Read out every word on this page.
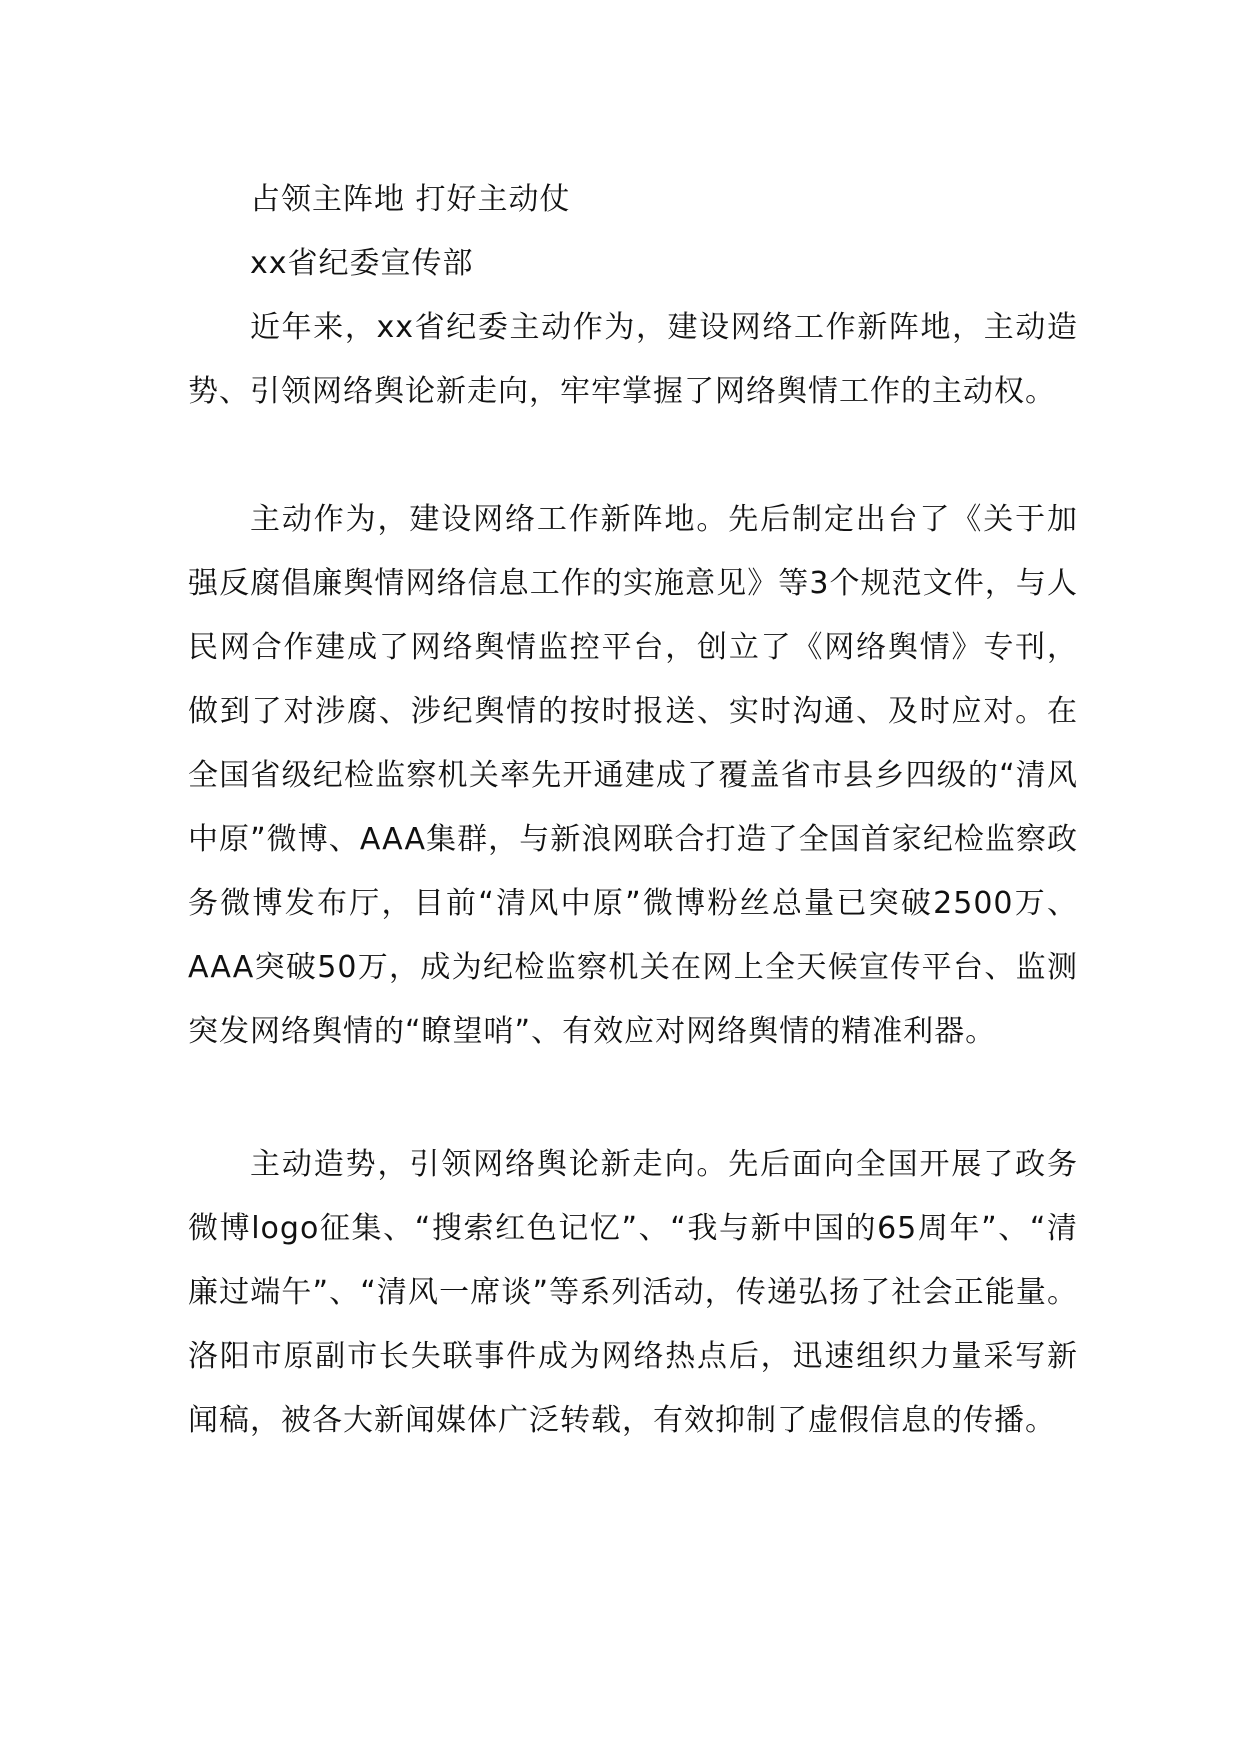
占领主阵地 打好主动仗
xx省纪委宣传部

近年来，xx省纪委主动作为，建设网络工作新阵地，主动造势、引领网络舆论新走向，牢牢掌握了网络舆情工作的主动权。

主动作为，建设网络工作新阵地。先后制定出台了《关于加强反腐倡廉舆情网络信息工作的实施意见》等3个规范文件，与人民网合作建成了网络舆情监控平台，创立了《网络舆情》专刊，做到了对涉腐、涉纪舆情的按时报送、实时沟通、及时应对。在全国省级纪检监察机关率先开通建成了覆盖省市县乡四级的“清风中原”微博、AAA集群，与新浪网联合打造了全国首家纪检监察政务微博发布厅，目前“清风中原”微博粉丝总量已突破2500万、AAA突破50万，成为纪检监察机关在网上全天候宣传平台、监测突发网络舆情的“瞭望哨”、有效应对网络舆情的精准利器。

主动造势，引领网络舆论新走向。先后面向全国开展了政务微博logo征集、“搜索红色记忆”、“我与新中国的65周年”、“清廉过端午”、“清风一席谈”等系列活动，传递弘扬了社会正能量。洛阳市原副市长失联事件成为网络热点后，迅速组织力量采写新闻稿，被各大新闻媒体广泛转载，有效抑制了虚假信息的传播。
